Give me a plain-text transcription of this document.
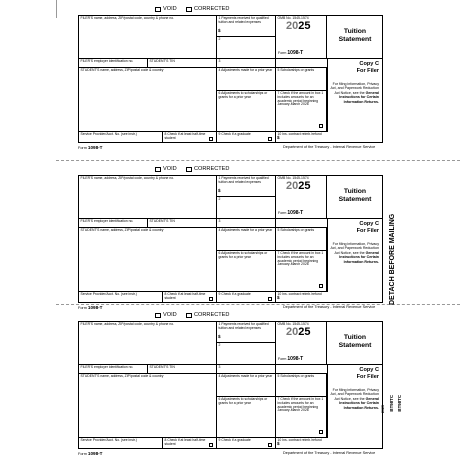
DETACH BEFORE MAILING
BT98TC
BT98TC
2025
VOID	CORRECTED
FILER'S name, address, ZIP/postal code, country & phone no.	1 Payments received for qualified tuition and related expenses
$
2
OMB No. 1545-1574
2025
Form 1098-T
Tuition Statement
FILER'S employer identification no.	STUDENT'S TIN	3	Copy C
For Filer
For filing information, Privacy Act, and Paperwork Reduction Act Notice, see the General Instructions for Certain Information Returns.
STUDENT'S name, address, ZIP/postal code & country	4 Adjustments made for a prior year	5 Scholarships or grants
6 Adjustments to scholarships or grants for a prior year
7 Check if the amount in box 1 includes amounts for an academic period beginning January-March 2026
Service Provider/Acct. No. (see instr.)	8 Check if at least half-time student
9 Check if a graduate	10 Ins. contract reimb./refund
$
Form 1098-T	Department of the Treasury - Internal Revenue Service
VOID	CORRECTED
FILER'S name, address, ZIP/postal code, country & phone no.	1 Payments received for qualified tuition and related expenses
$
2
OMB No. 1545-1574
2025
Form 1098-T
Tuition Statement
FILER'S employer identification no.	STUDENT'S TIN	3	Copy C
For Filer
For filing information, Privacy Act, and Paperwork Reduction Act Notice, see the General Instructions for Certain Information Returns.
STUDENT'S name, address, ZIP/postal code & country	4 Adjustments made for a prior year	5 Scholarships or grants
6 Adjustments to scholarships or grants for a prior year
7 Check if the amount in box 1 includes amounts for an academic period beginning January-March 2026
Service Provider/Acct. No. (see instr.)	8 Check if at least half-time student
9 Check if a graduate	10 Ins. contract reimb./refund
$
Form 1098-T	Department of the Treasury - Internal Revenue Service
VOID	CORRECTED
FILER'S name, address, ZIP/postal code, country & phone no.	1 Payments received for qualified tuition and related expenses
$
2
OMB No. 1545-1574
2025
Form 1098-T
Tuition Statement
FILER'S employer identification no.	STUDENT'S TIN	3	Copy C
For Filer
For filing information, Privacy Act, and Paperwork Reduction Act Notice, see the General Instructions for Certain Information Returns.
STUDENT'S name, address, ZIP/postal code & country	4 Adjustments made for a prior year	5 Scholarships or grants
6 Adjustments to scholarships or grants for a prior year
7 Check if the amount in box 1 includes amounts for an academic period beginning January-March 2026
Service Provider/Acct. No. (see instr.)	8 Check if at least half-time student
9 Check if a graduate	10 Ins. contract reimb./refund
$
Form 1098-T	Department of the Treasury - Internal Revenue Service
